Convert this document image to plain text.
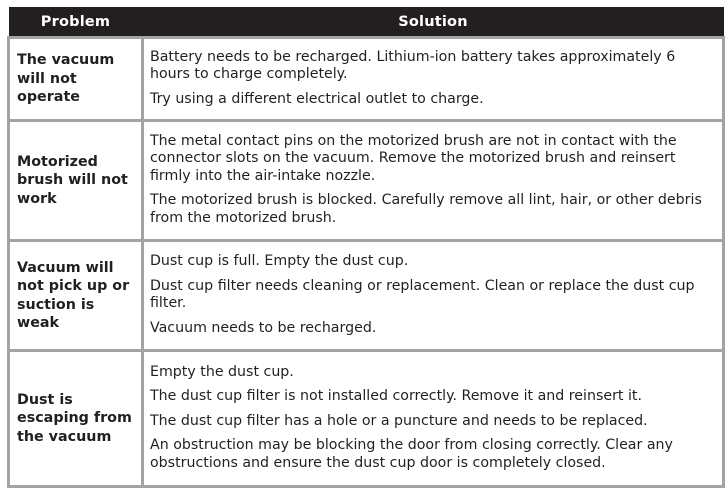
Problem	Solution
The vacuum will not operate	Battery needs to be recharged. Lithium-ion battery takes approximately 6 hours to charge completely.
Try using a different electrical outlet to charge.

Motorized brush will not work	The metal contact pins on the motorized brush are not in contact with the connector slots on the vacuum. Remove the motorized brush and reinsert firmly into the air-intake nozzle.
The motorized brush is blocked. Carefully remove all lint, hair, or other debris from the motorized brush.

Vacuum will not pick up or suction is weak	Dust cup is full. Empty the dust cup.
Dust cup filter needs cleaning or replacement. Clean or replace the dust cup filter.
Vacuum needs to be recharged.

Dust is escaping from the vacuum	Empty the dust cup.
The dust cup filter is not installed correctly. Remove it and reinsert it.
The dust cup filter has a hole or a puncture and needs to be replaced.
An obstruction may be blocking the door from closing correctly. Clear any obstructions and ensure the dust cup door is completely closed.
